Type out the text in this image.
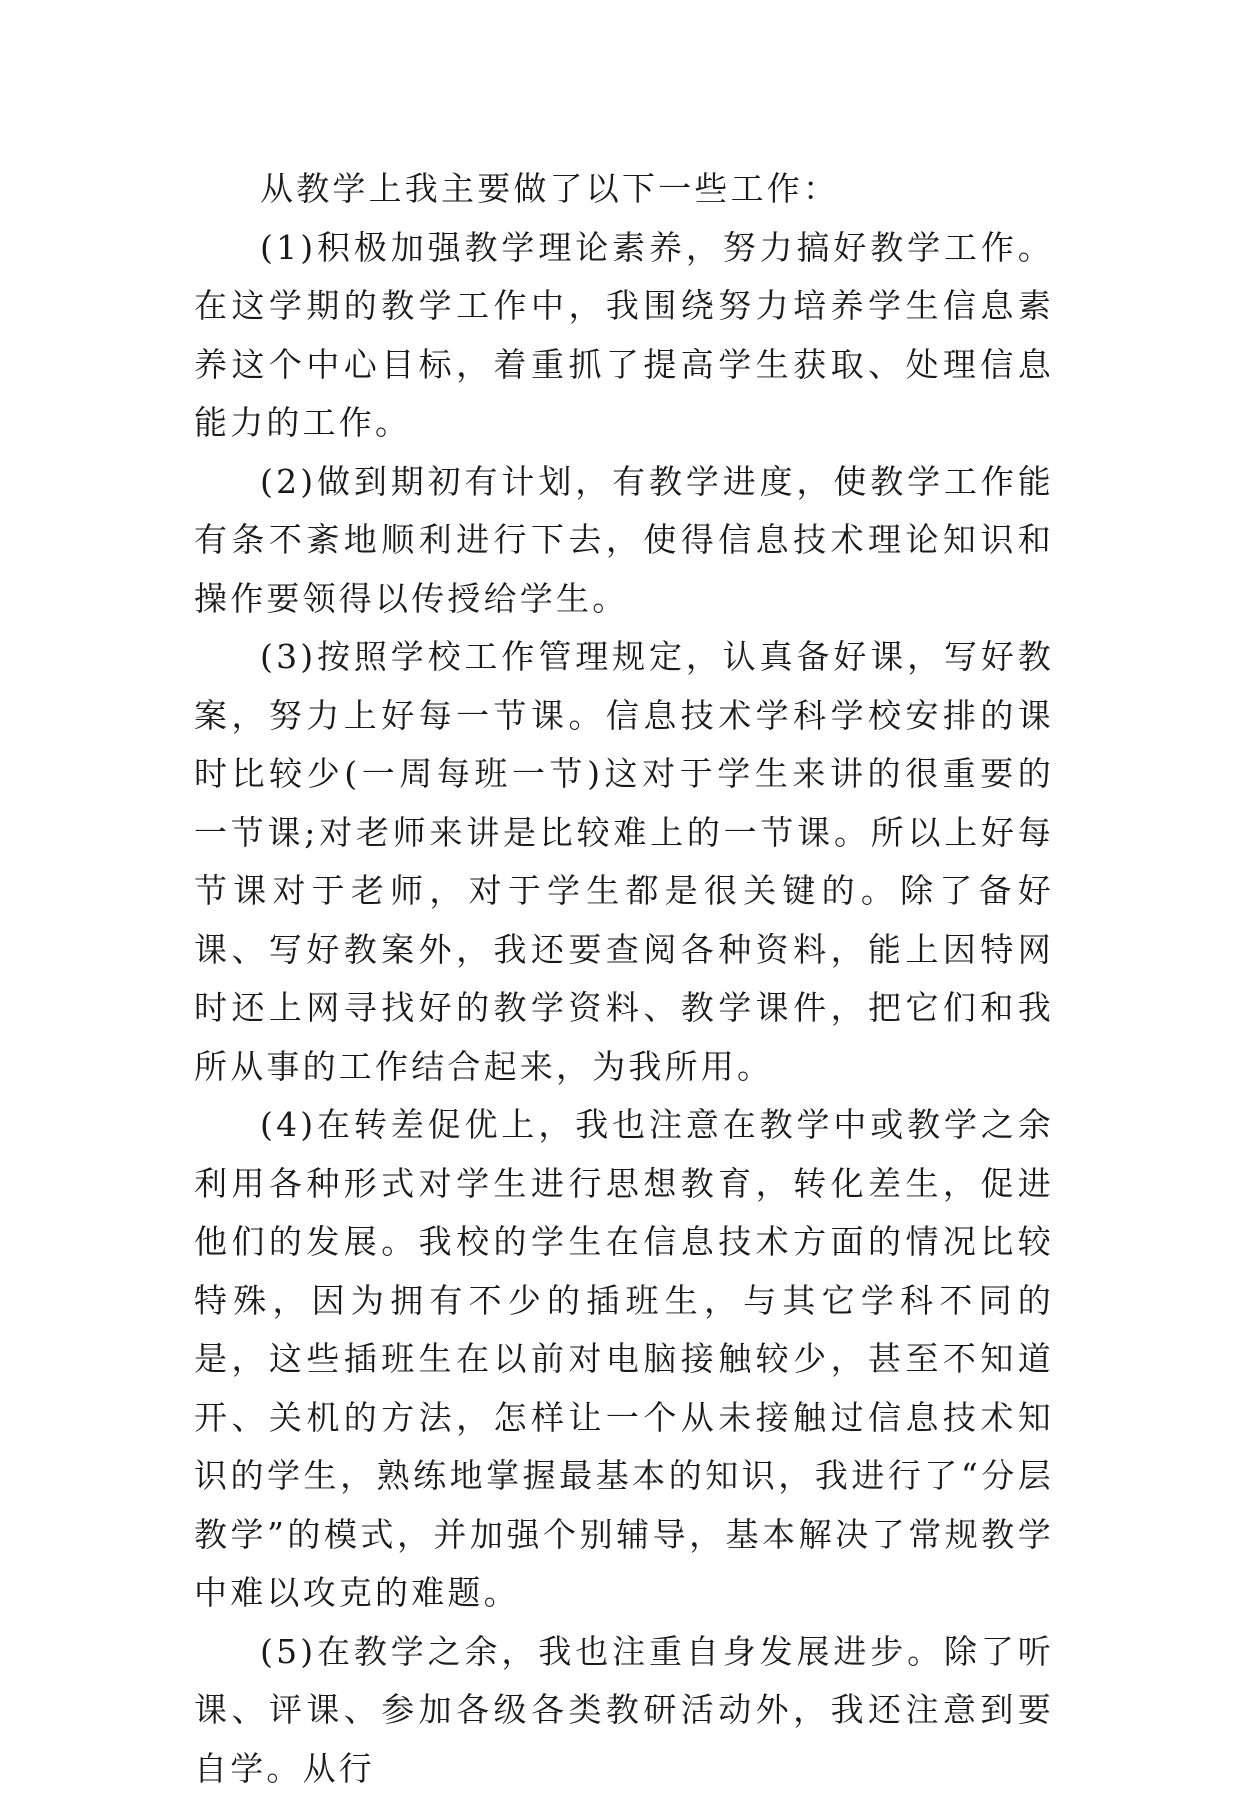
从教学上我主要做了以下一些工作：

(1)积极加强教学理论素养，努力搞好教学工作。在这学期的教学工作中，我围绕努力培养学生信息素养这个中心目标，着重抓了提高学生获取、处理信息能力的工作。

(2)做到期初有计划，有教学进度，使教学工作能有条不紊地顺利进行下去，使得信息技术理论知识和操作要领得以传授给学生。

(3)按照学校工作管理规定，认真备好课，写好教案，努力上好每一节课。信息技术学科学校安排的课时比较少(一周每班一节)这对于学生来讲的很重要的一节课;对老师来讲是比较难上的一节课。所以上好每节课对于老师，对于学生都是很关键的。除了备好课、写好教案外，我还要查阅各种资料，能上因特网时还上网寻找好的教学资料、教学课件，把它们和我所从事的工作结合起来，为我所用。

(4)在转差促优上，我也注意在教学中或教学之余利用各种形式对学生进行思想教育，转化差生，促进他们的发展。我校的学生在信息技术方面的情况比较特殊，因为拥有不少的插班生，与其它学科不同的是，这些插班生在以前对电脑接触较少，甚至不知道开、关机的方法，怎样让一个从未接触过信息技术知识的学生，熟练地掌握最基本的知识，我进行了“分层教学”的模式，并加强个别辅导，基本解决了常规教学中难以攻克的难题。

(5)在教学之余，我也注重自身发展进步。除了听课、评课、参加各级各类教研活动外，我还注意到要自学。从行
